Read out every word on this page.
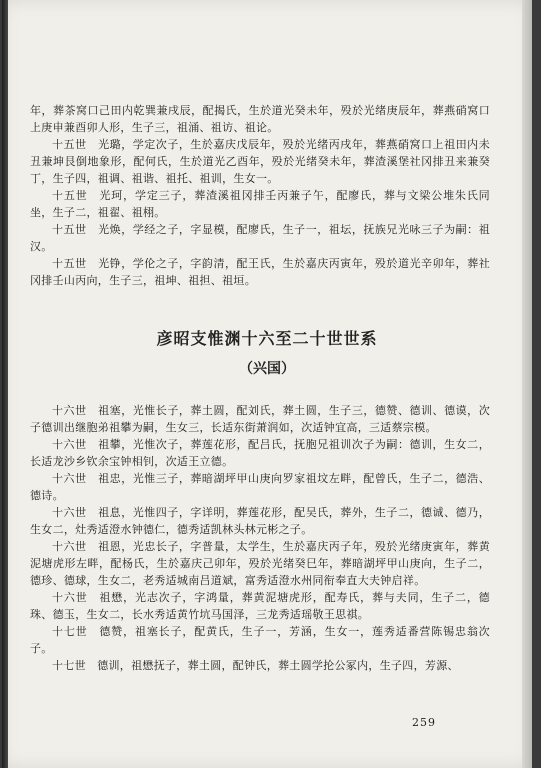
年，葬茶窝口己田内乾巽兼戌辰，配揭氏，生於道光癸未年，殁於光绪庚辰年，葬燕硝窝口上庚申兼酉卯人形，生子三，祖涌、祖访、祖论。

十五世　光璐，学定次子，生於嘉庆戊辰年，殁於光绪丙戌年，葬燕硝窝口上祖田内未丑兼坤艮倒地象形，配何氏，生於道光乙酉年，殁於光绪癸未年，葬渣溪堡社冈排丑来兼癸丁，生子四，祖调、祖谐、祖托、祖训，生女一。

十五世　光珂，学定三子，葬渣溪祖冈排壬丙兼子午，配廖氏，葬与文梁公堆朱氏同坐，生子二，祖翟、祖栩。

十五世　光焕，学经之子，字显模，配廖氏，生子一，祖坛，抚族兄光咏三子为嗣：祖汉。

十五世　光铮，学伦之子，字韵清，配王氏，生於嘉庆丙寅年，殁於道光辛卯年，葬社冈排壬山丙向，生子三，祖坤、祖担、祖垣。

彦昭支惟渊十六至二十世世系
（兴国）

十六世　祖塞，光惟长子，葬土圆，配刘氏，葬土圆，生子三，德赞、德训、德谟，次子德训出继胞弟祖攀为嗣，生女三，长适东街萧润如，次适钟宜高，三适蔡宗模。

十六世　祖攀，光惟次子，葬莲花形，配吕氏，抚胞兄祖训次子为嗣：德训，生女二，长适龙沙乡钦余宝钟相钊，次适王立德。

十六世　祖忠，光惟三子，葬暗湖坪甲山庚向罗家祖坟左畔，配曾氏，生子二，德浩、德诗。

十六世　祖息，光惟四子，字详明，葬莲花形，配吴氏，葬外，生子二，德诚、德乃，生女二，灶秀适澄水钟德仁，德秀适凯林头林元彬之子。

十六世　祖恩，光忠长子，字普量，太学生，生於嘉庆丙子年，殁於光绪庚寅年，葬黄泥塘虎形左畔，配杨氏，生於嘉庆己卯年，殁於光绪癸巳年，葬暗湖坪甲山庚向，生子二，德珍、德球，生女二，老秀适城南吕道斌，富秀适澄水州同衔奉直大夫钟启祥。

十六世　祖懋，光志次子，字鸿量，葬黄泥塘虎形，配寿氏，葬与夫同，生子二，德珠、德玉，生女二，长水秀适黄竹坑马国泽，三龙秀适瑶敬王思祺。

十七世　德赞，祖塞长子，配黄氏，生子一，芳涵，生女一，莲秀适番营陈锡忠翁次子。

十七世　德训，祖懋抚子，葬土圆，配钟氏，葬土圆学抡公冢内，生子四，芳源、

259
